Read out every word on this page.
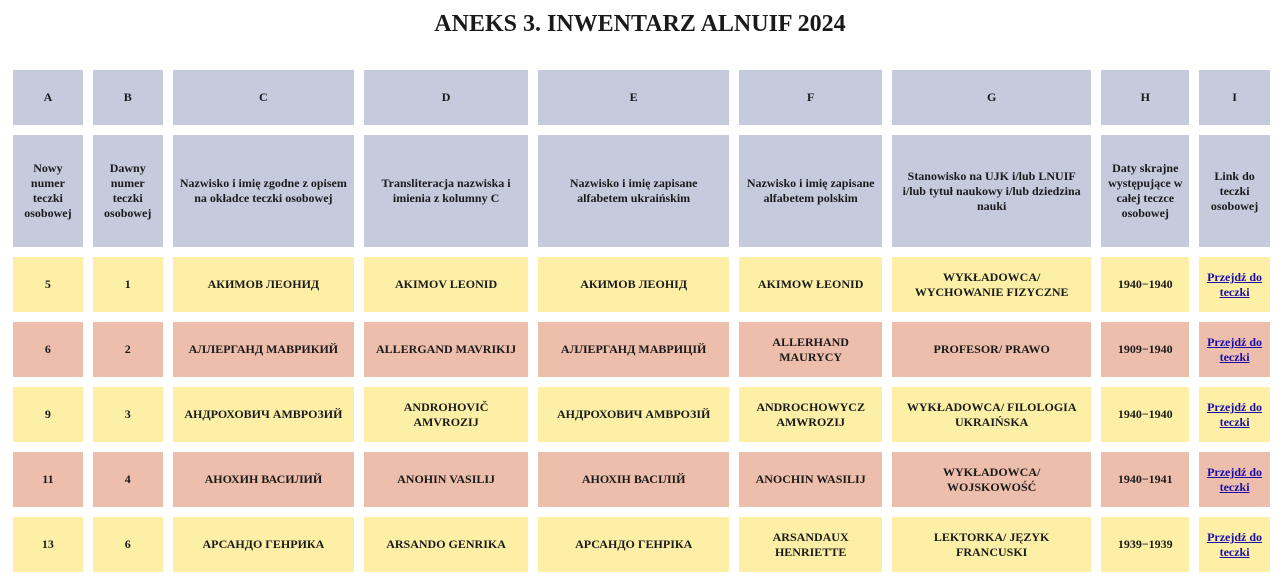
ANEKS 3. INWENTARZ ALNUIF 2024
A	B	C	D	E	F	G	H	I
Nowy numer teczki osobowej	Dawny numer teczki osobowej	Nazwisko i imię zgodne z opisem na okładce teczki osobowej	Transliteracja nazwiska i imienia z kolumny C	Nazwisko i imię zapisane alfabetem ukraińskim	Nazwisko i imię zapisane alfabetem polskim	Stanowisko na UJK i/lub LNUIF i/lub tytuł naukowy i/lub dziedzina nauki	Daty skrajne występujące w całej teczce osobowej	Link do teczki osobowej
5	1	АКИМОВ ЛЕОНИД	AKIMOV LEONID	АКИМОВ ЛЕОНІД	AKIMOW ŁEONID	WYKŁADOWCA/ WYCHOWANIE FIZYCZNE	1940−1940	Przejdź do teczki
6	2	АЛЛЕРГАНД МАВРИКИЙ	ALLERGAND MAVRIKIJ	АЛЛЕРГАНД МАВРИЦІЙ	ALLERHAND MAURYCY	PROFESOR/ PRAWO	1909−1940	Przejdź do teczki
9	3	АНДРОХОВИЧ АМВРОЗИЙ	ANDROHOVIČ AMVROZIJ	АНДРОХОВИЧ АМВРОЗІЙ	ANDROCHOWYCZ AMWROZIJ	WYKŁADOWCA/ FILOLOGIA UKRAIŃSKA	1940−1940	Przejdź do teczki
11	4	АНОХИН ВАСИЛИЙ	ANOHIN VASILIJ	АНОХІН ВАСІЛІЙ	ANOCHIN WASILIJ	WYKŁADOWCA/ WOJSKOWOŚĆ	1940−1941	Przejdź do teczki
13	6	АРСАНДО ГЕНРИКА	ARSANDO GENRIKA	АРСАНДО ГЕНРІКА	ARSANDAUX HENRIETTE	LEKTORKA/ JĘZYK FRANCUSKI	1939−1939	Przejdź do teczki
